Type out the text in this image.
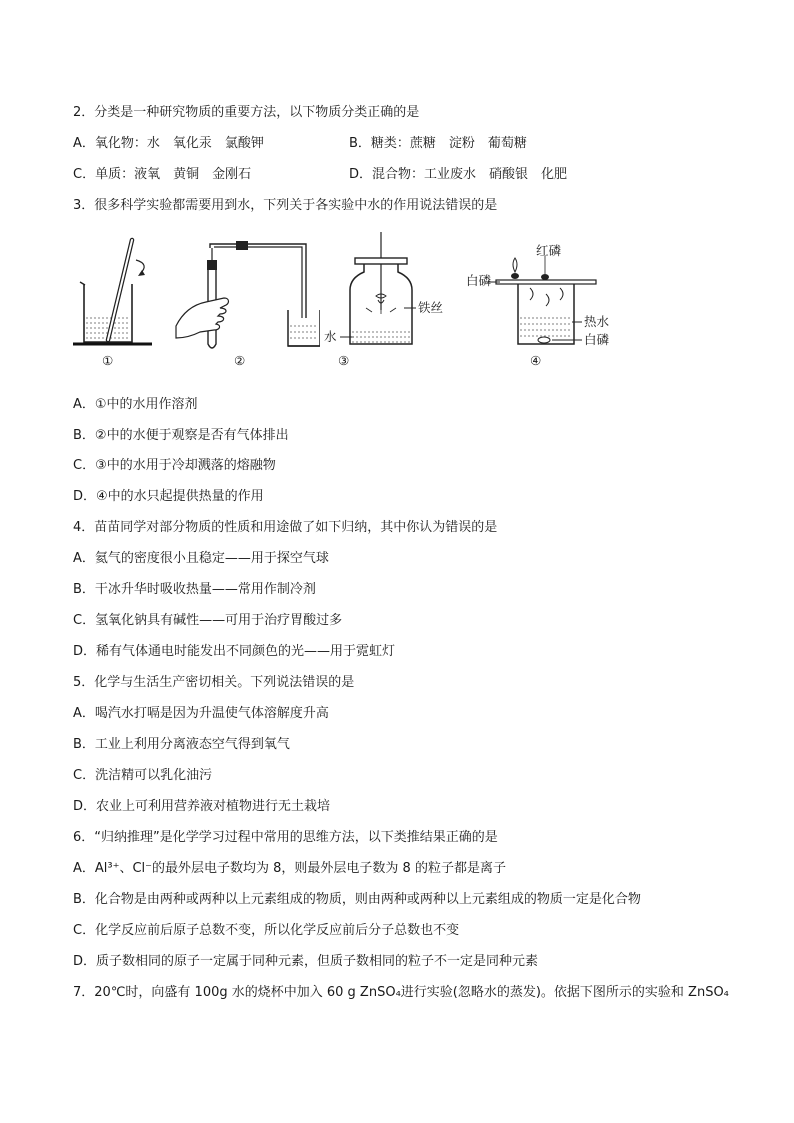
2．分类是一种研究物质的重要方法，以下物质分类正确的是
A．氧化物：水　氧化汞　氯酸钾	B．糖类：蔗糖　淀粉　葡萄糖
C．单质：液氧　黄铜　金刚石	D．混合物：工业废水　硝酸银　化肥
3．很多科学实验都需要用到水，下列关于各实验中水的作用说法错误的是
①	②	③	④
铁丝
水
红磷
白磷
热水
白磷
A．①中的水用作溶剂
B．②中的水便于观察是否有气体排出
C．③中的水用于冷却溅落的熔融物
D．④中的水只起提供热量的作用
4．苗苗同学对部分物质的性质和用途做了如下归纳，其中你认为错误的是
A．氦气的密度很小且稳定——用于探空气球
B．干冰升华时吸收热量——常用作制冷剂
C．氢氧化钠具有碱性——可用于治疗胃酸过多
D．稀有气体通电时能发出不同颜色的光——用于霓虹灯
5．化学与生活生产密切相关。下列说法错误的是
A．喝汽水打嗝是因为升温使气体溶解度升高
B．工业上利用分离液态空气得到氧气
C．洗洁精可以乳化油污
D．农业上可利用营养液对植物进行无土栽培
6．“归纳推理”是化学学习过程中常用的思维方法，以下类推结果正确的是
A．Al³⁺、Cl⁻的最外层电子数均为 8，则最外层电子数为 8 的粒子都是离子
B．化合物是由两种或两种以上元素组成的物质，则由两种或两种以上元素组成的物质一定是化合物
C．化学反应前后原子总数不变，所以化学反应前后分子总数也不变
D．质子数相同的原子一定属于同种元素，但质子数相同的粒子不一定是同种元素
7．20℃时，向盛有 100g 水的烧杯中加入 60 g ZnSO₄进行实验(忽略水的蒸发)。依据下图所示的实验和 ZnSO₄
